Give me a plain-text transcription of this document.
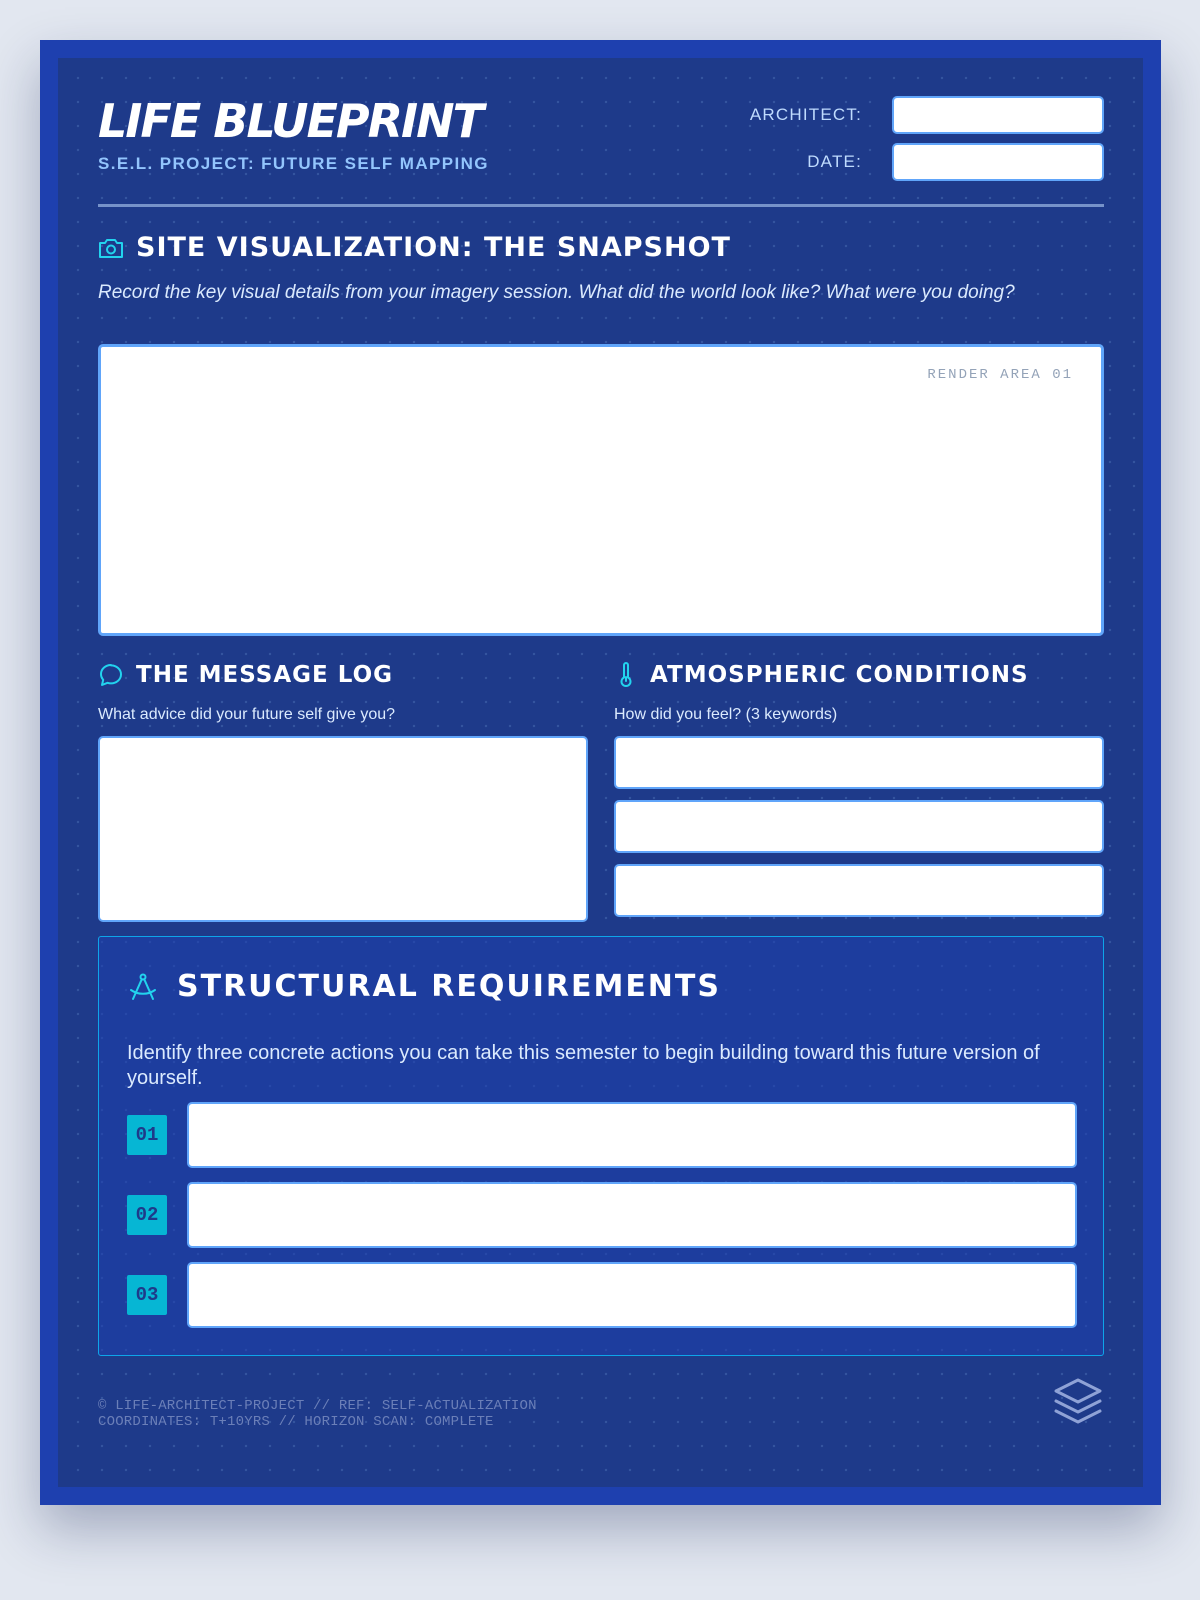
LIFE BLUEPRINT
S.E.L. PROJECT: FUTURE SELF MAPPING
ARCHITECT:
DATE:
SITE VISUALIZATION: THE SNAPSHOT
Record the key visual details from your imagery session. What did the world look like? What were you doing?
RENDER AREA 01
THE MESSAGE LOG
What advice did your future self give you?
ATMOSPHERIC CONDITIONS
How did you feel? (3 keywords)
STRUCTURAL REQUIREMENTS
Identify three concrete actions you can take this semester to begin building toward this future version of yourself.
01
02
03
© LIFE-ARCHITECT-PROJECT // REF: SELF-ACTUALIZATION
COORDINATES: T+10YRS // HORIZON SCAN: COMPLETE
